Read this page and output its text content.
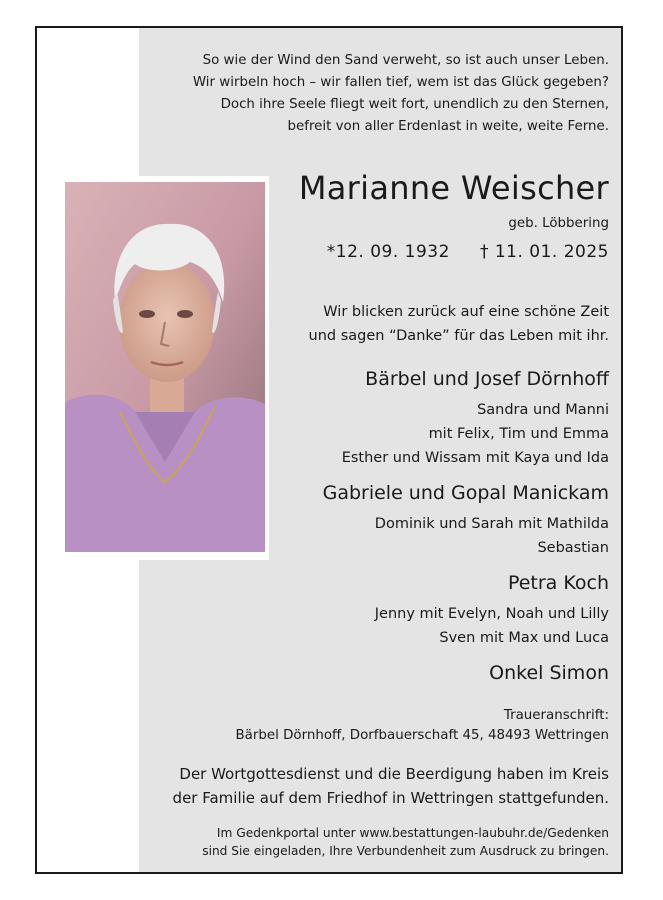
So wie der Wind den Sand verweht, so ist auch unser Leben.
Wir wirbeln hoch – wir fallen tief, wem ist das Glück gegeben?
Doch ihre Seele fliegt weit fort, unendlich zu den Sternen,
befreit von aller Erdenlast in weite, weite Ferne.
Marianne Weischer
geb. Löbbering
*12. 09. 1932 † 11. 01. 2025
Wir blicken zurück auf eine schöne Zeit
und sagen “Danke” für das Leben mit ihr.
Bärbel und Josef Dörnhoff
Sandra und Manni
mit Felix, Tim und Emma
Esther und Wissam mit Kaya und Ida
Gabriele und Gopal Manickam
Dominik und Sarah mit Mathilda
Sebastian
Petra Koch
Jenny mit Evelyn, Noah und Lilly
Sven mit Max und Luca
Onkel Simon
Traueranschrift:
Bärbel Dörnhoff, Dorfbauerschaft 45, 48493 Wettringen
Der Wortgottesdienst und die Beerdigung haben im Kreis
der Familie auf dem Friedhof in Wettringen stattgefunden.
Im Gedenkportal unter www.bestattungen-laubuhr.de/Gedenken
sind Sie eingeladen, Ihre Verbundenheit zum Ausdruck zu bringen.
